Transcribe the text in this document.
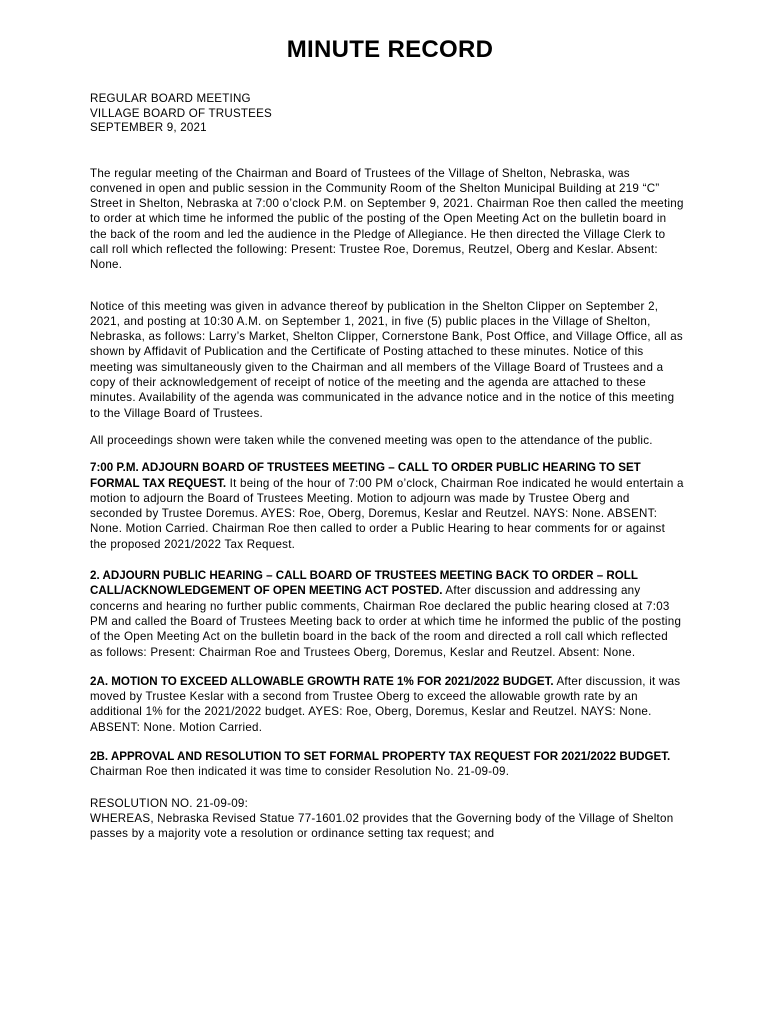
MINUTE RECORD
REGULAR BOARD MEETING
VILLAGE BOARD OF TRUSTEES
SEPTEMBER 9, 2021

The regular meeting of the Chairman and Board of Trustees of the Village of Shelton, Nebraska, was convened in open and public session in the Community Room of the Shelton Municipal Building at 219 “C” Street in Shelton, Nebraska at 7:00 o’clock P.M. on September 9, 2021. Chairman Roe then called the meeting to order at which time he informed the public of the posting of the Open Meeting Act on the bulletin board in the back of the room and led the audience in the Pledge of Allegiance. He then directed the Village Clerk to call roll which reflected the following: Present: Trustee Roe, Doremus, Reutzel, Oberg and Keslar. Absent: None.

Notice of this meeting was given in advance thereof by publication in the Shelton Clipper on September 2, 2021, and posting at 10:30 A.M. on September 1, 2021, in five (5) public places in the Village of Shelton, Nebraska, as follows: Larry’s Market, Shelton Clipper, Cornerstone Bank, Post Office, and Village Office, all as shown by Affidavit of Publication and the Certificate of Posting attached to these minutes. Notice of this meeting was simultaneously given to the Chairman and all members of the Village Board of Trustees and a copy of their acknowledgement of receipt of notice of the meeting and the agenda are attached to these minutes. Availability of the agenda was communicated in the advance notice and in the notice of this meeting to the Village Board of Trustees.

All proceedings shown were taken while the convened meeting was open to the attendance of the public.

7:00 P.M. ADJOURN BOARD OF TRUSTEES MEETING – CALL TO ORDER PUBLIC HEARING TO SET FORMAL TAX REQUEST. It being of the hour of 7:00 PM o’clock, Chairman Roe indicated he would entertain a motion to adjourn the Board of Trustees Meeting. Motion to adjourn was made by Trustee Oberg and seconded by Trustee Doremus. AYES: Roe, Oberg, Doremus, Keslar and Reutzel. NAYS: None. ABSENT: None. Motion Carried. Chairman Roe then called to order a Public Hearing to hear comments for or against the proposed 2021/2022 Tax Request.

2. ADJOURN PUBLIC HEARING – CALL BOARD OF TRUSTEES MEETING BACK TO ORDER – ROLL CALL/ACKNOWLEDGEMENT OF OPEN MEETING ACT POSTED. After discussion and addressing any concerns and hearing no further public comments, Chairman Roe declared the public hearing closed at 7:03 PM and called the Board of Trustees Meeting back to order at which time he informed the public of the posting of the Open Meeting Act on the bulletin board in the back of the room and directed a roll call which reflected as follows: Present: Chairman Roe and Trustees Oberg, Doremus, Keslar and Reutzel. Absent: None.

2A. MOTION TO EXCEED ALLOWABLE GROWTH RATE 1% FOR 2021/2022 BUDGET. After discussion, it was moved by Trustee Keslar with a second from Trustee Oberg to exceed the allowable growth rate by an additional 1% for the 2021/2022 budget. AYES: Roe, Oberg, Doremus, Keslar and Reutzel. NAYS: None. ABSENT: None. Motion Carried.

2B. APPROVAL AND RESOLUTION TO SET FORMAL PROPERTY TAX REQUEST FOR 2021/2022 BUDGET. Chairman Roe then indicated it was time to consider Resolution No. 21-09-09.

RESOLUTION NO. 21-09-09:

WHEREAS, Nebraska Revised Statue 77-1601.02 provides that the Governing body of the Village of Shelton passes by a majority vote a resolution or ordinance setting tax request; and
